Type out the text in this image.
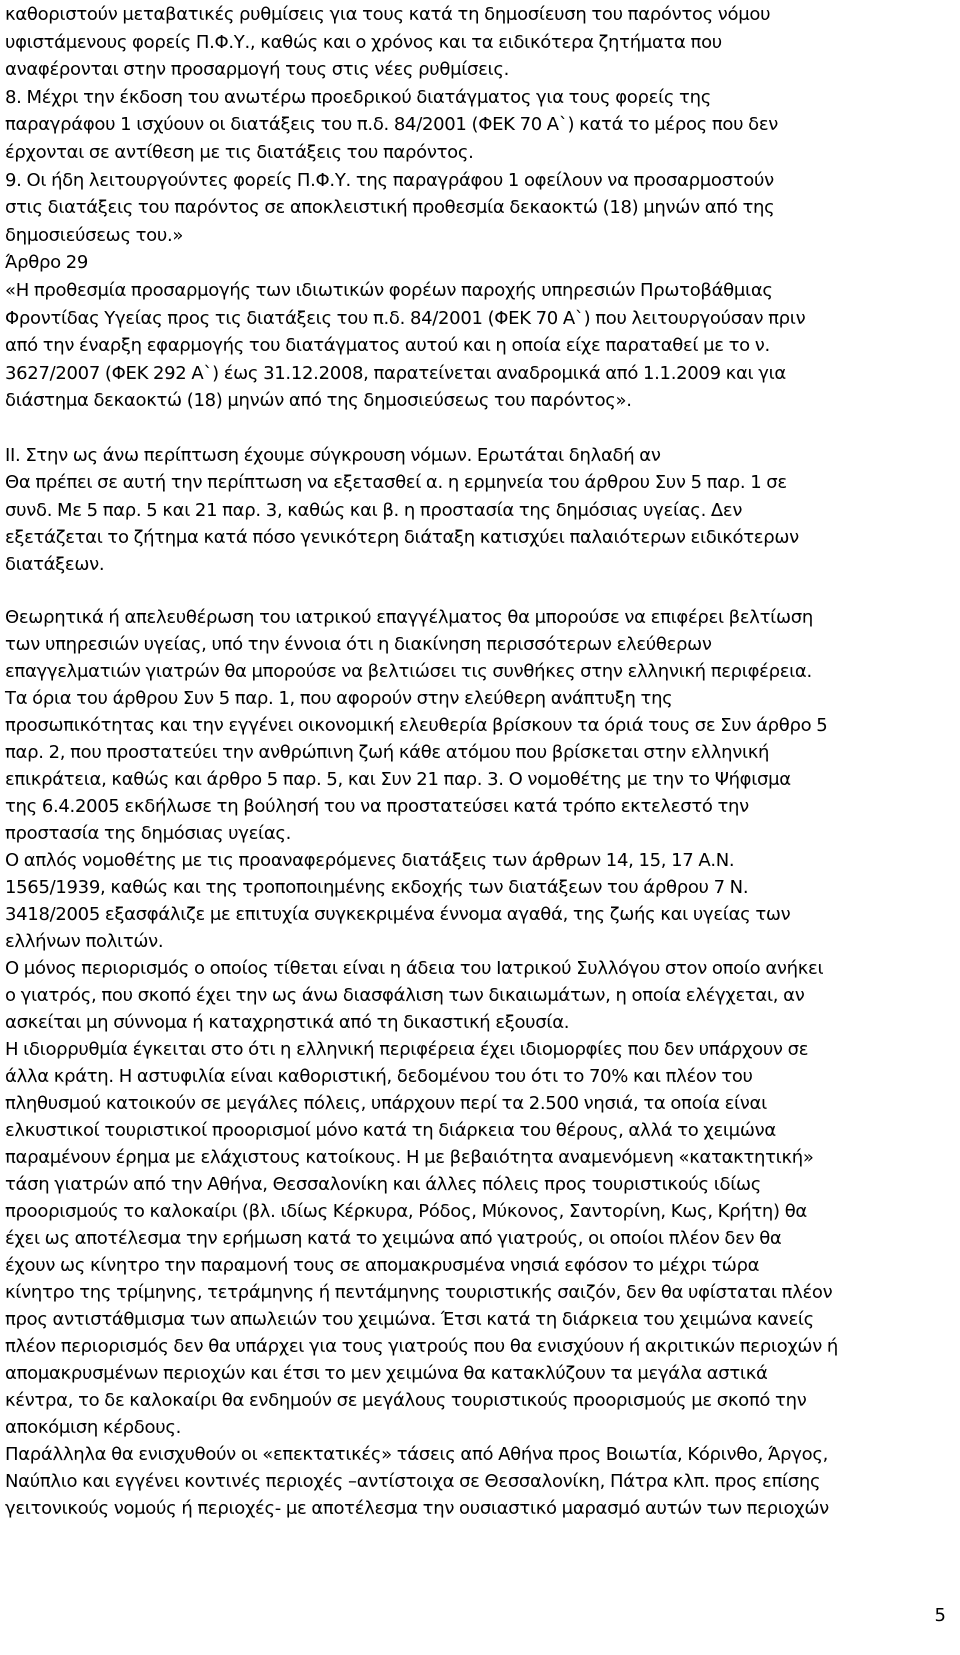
καθοριστούν μεταβατικές ρυθμίσεις για τους κατά τη δημοσίευση του παρόντος νόμου
υφιστάμενους φορείς Π.Φ.Υ., καθώς και ο χρόνος και τα ειδικότερα ζητήματα που
αναφέρονται στην προσαρμογή τους στις νέες ρυθμίσεις.
8. Μέχρι την έκδοση του ανωτέρω προεδρικού διατάγματος για τους φορείς της
παραγράφου 1 ισχύουν οι διατάξεις του π.δ. 84/2001 (ΦΕΚ 70 Α`) κατά το μέρος που δεν
έρχονται σε αντίθεση με τις διατάξεις του παρόντος.
9. Οι ήδη λειτουργούντες φορείς Π.Φ.Υ. της παραγράφου 1 οφείλουν να προσαρμοστούν
στις διατάξεις του παρόντος σε αποκλειστική προθεσμία δεκαοκτώ (18) μηνών από της
δημοσιεύσεως του.»
Άρθρο 29
«Η προθεσμία προσαρμογής των ιδιωτικών φορέων παροχής υπηρεσιών Πρωτοβάθμιας
Φροντίδας Υγείας προς τις διατάξεις του π.δ. 84/2001 (ΦΕΚ 70 Α`) που λειτουργούσαν πριν
από την έναρξη εφαρμογής του διατάγματος αυτού και η οποία είχε παραταθεί με το ν.
3627/2007 (ΦΕΚ 292 Α`) έως 31.12.2008, παρατείνεται αναδρομικά από 1.1.2009 και για
διάστημα δεκαοκτώ (18) μηνών από της δημοσιεύσεως του παρόντος».
ΙΙ. Στην ως άνω περίπτωση έχουμε σύγκρουση νόμων. Ερωτάται δηλαδή αν
Θα πρέπει σε αυτή την περίπτωση να εξετασθεί α. η ερμηνεία του άρθρου Συν 5 παρ. 1 σε
συνδ. Με 5 παρ. 5 και 21 παρ. 3, καθώς και β. η προστασία της δημόσιας υγείας. Δεν
εξετάζεται το ζήτημα κατά πόσο γενικότερη διάταξη κατισχύει παλαιότερων ειδικότερων
διατάξεων.
Θεωρητικά ή απελευθέρωση του ιατρικού επαγγέλματος θα μπορούσε να επιφέρει βελτίωση
των υπηρεσιών υγείας, υπό την έννοια ότι η διακίνηση περισσότερων ελεύθερων
επαγγελματιών γιατρών θα μπορούσε να βελτιώσει τις συνθήκες στην ελληνική περιφέρεια.
Τα όρια του άρθρου Συν 5 παρ. 1, που αφορούν στην ελεύθερη ανάπτυξη της
προσωπικότητας και την εγγένει οικονομική ελευθερία βρίσκουν τα όριά τους σε Συν άρθρο 5
παρ. 2, που προστατεύει την ανθρώπινη ζωή κάθε ατόμου που βρίσκεται στην ελληνική
επικράτεια, καθώς και άρθρο 5 παρ. 5, και Συν 21 παρ. 3. Ο νομοθέτης με την το Ψήφισμα
της 6.4.2005 εκδήλωσε τη βούλησή του να προστατεύσει κατά τρόπο εκτελεστό την
προστασία της δημόσιας υγείας.
Ο απλός νομοθέτης με τις προαναφερόμενες διατάξεις των άρθρων 14, 15, 17 Α.Ν.
1565/1939, καθώς και της τροποποιημένης εκδοχής των διατάξεων του άρθρου 7 Ν.
3418/2005 εξασφάλιζε με επιτυχία συγκεκριμένα έννομα αγαθά, της ζωής και υγείας των
ελλήνων πολιτών.
Ο μόνος περιορισμός ο οποίος τίθεται είναι η άδεια του Ιατρικού Συλλόγου στον οποίο ανήκει
ο γιατρός, που σκοπό έχει την ως άνω διασφάλιση των δικαιωμάτων, η οποία ελέγχεται, αν
ασκείται μη σύννομα ή καταχρηστικά από τη δικαστική εξουσία.
Η ιδιορρυθμία έγκειται στο ότι η ελληνική περιφέρεια έχει ιδιομορφίες που δεν υπάρχουν σε
άλλα κράτη. Η αστυφιλία είναι καθοριστική, δεδομένου του ότι το 70% και πλέον του
πληθυσμού κατοικούν σε μεγάλες πόλεις, υπάρχουν περί τα 2.500 νησιά, τα οποία είναι
ελκυστικοί τουριστικοί προορισμοί μόνο κατά τη διάρκεια του θέρους, αλλά το χειμώνα
παραμένουν έρημα με ελάχιστους κατοίκους. Η με βεβαιότητα αναμενόμενη «κατακτητική»
τάση γιατρών από την Αθήνα, Θεσσαλονίκη και άλλες πόλεις προς τουριστικούς ιδίως
προορισμούς το καλοκαίρι (βλ. ιδίως Κέρκυρα, Ρόδος, Μύκονος, Σαντορίνη, Κως, Κρήτη) θα
έχει ως αποτέλεσμα την ερήμωση κατά το χειμώνα από γιατρούς, οι οποίοι πλέον δεν θα
έχουν ως κίνητρο την παραμονή τους σε απομακρυσμένα νησιά εφόσον το μέχρι τώρα
κίνητρο της τρίμηνης, τετράμηνης ή πεντάμηνης τουριστικής σαιζόν, δεν θα υφίσταται πλέον
προς αντιστάθμισμα των απωλειών του χειμώνα. Έτσι κατά τη διάρκεια του χειμώνα κανείς
πλέον περιορισμός δεν θα υπάρχει για τους γιατρούς που θα ενισχύουν ή ακριτικών περιοχών ή
απομακρυσμένων περιοχών και έτσι το μεν χειμώνα θα κατακλύζουν τα μεγάλα αστικά
κέντρα, το δε καλοκαίρι θα ενδημούν σε μεγάλους τουριστικούς προορισμούς με σκοπό την
αποκόμιση κέρδους.
Παράλληλα θα ενισχυθούν οι «επεκτατικές» τάσεις από Αθήνα προς Βοιωτία, Κόρινθο, Άργος,
Ναύπλιο και εγγένει κοντινές περιοχές –αντίστοιχα σε Θεσσαλονίκη, Πάτρα κλπ. προς επίσης
γειτονικούς νομούς ή περιοχές- με αποτέλεσμα την ουσιαστικό μαρασμό αυτών των περιοχών
5
